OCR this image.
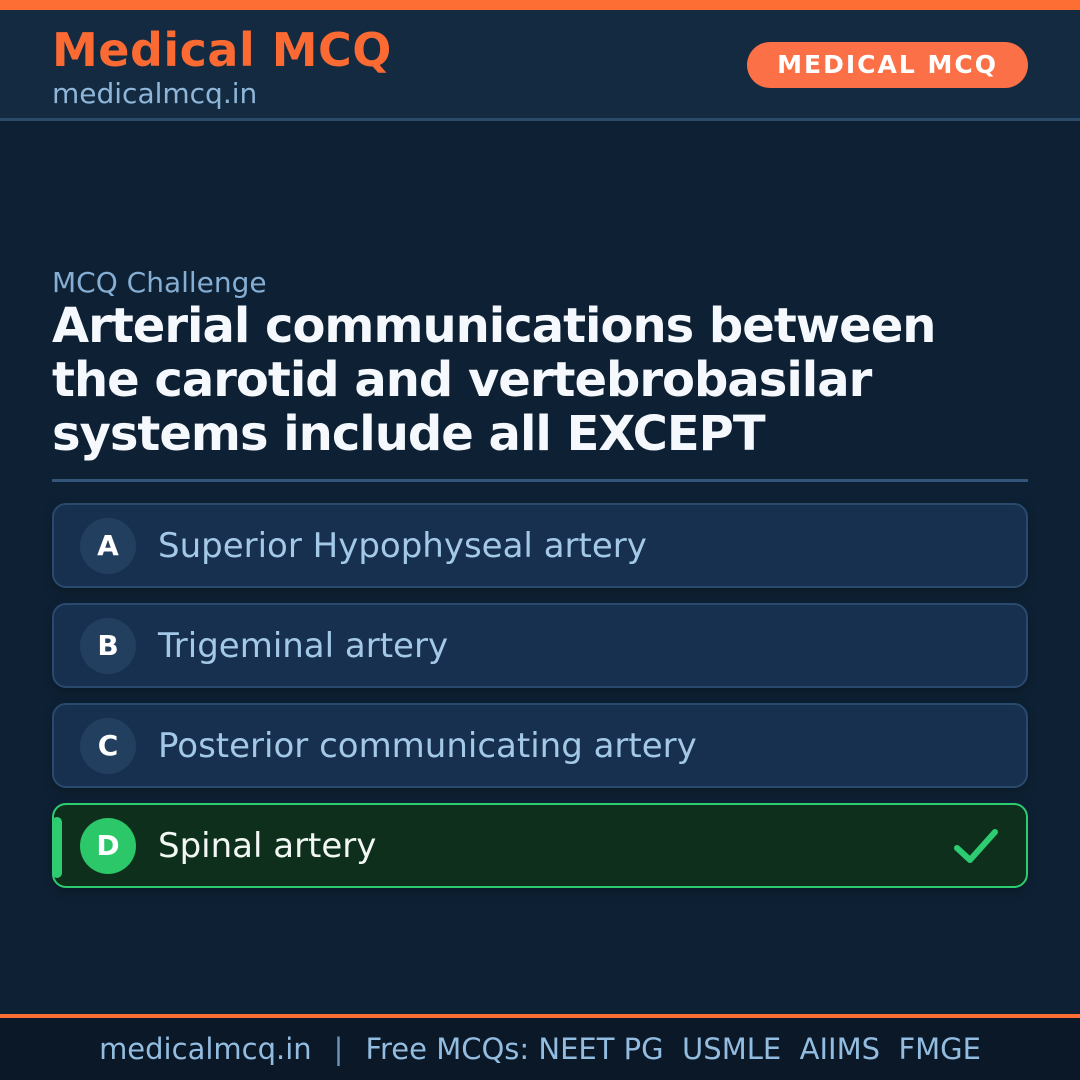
Medical MCQ
medicalmcq.in
MEDICAL MCQ
MCQ Challenge
Arterial communications between
the carotid and vertebrobasilar
systems include all EXCEPT
A	Superior Hypophyseal artery
B	Trigeminal artery
C	Posterior communicating artery
D	Spinal artery
medicalmcq.in | Free MCQs: NEET PG  USMLE  AIIMS  FMGE
